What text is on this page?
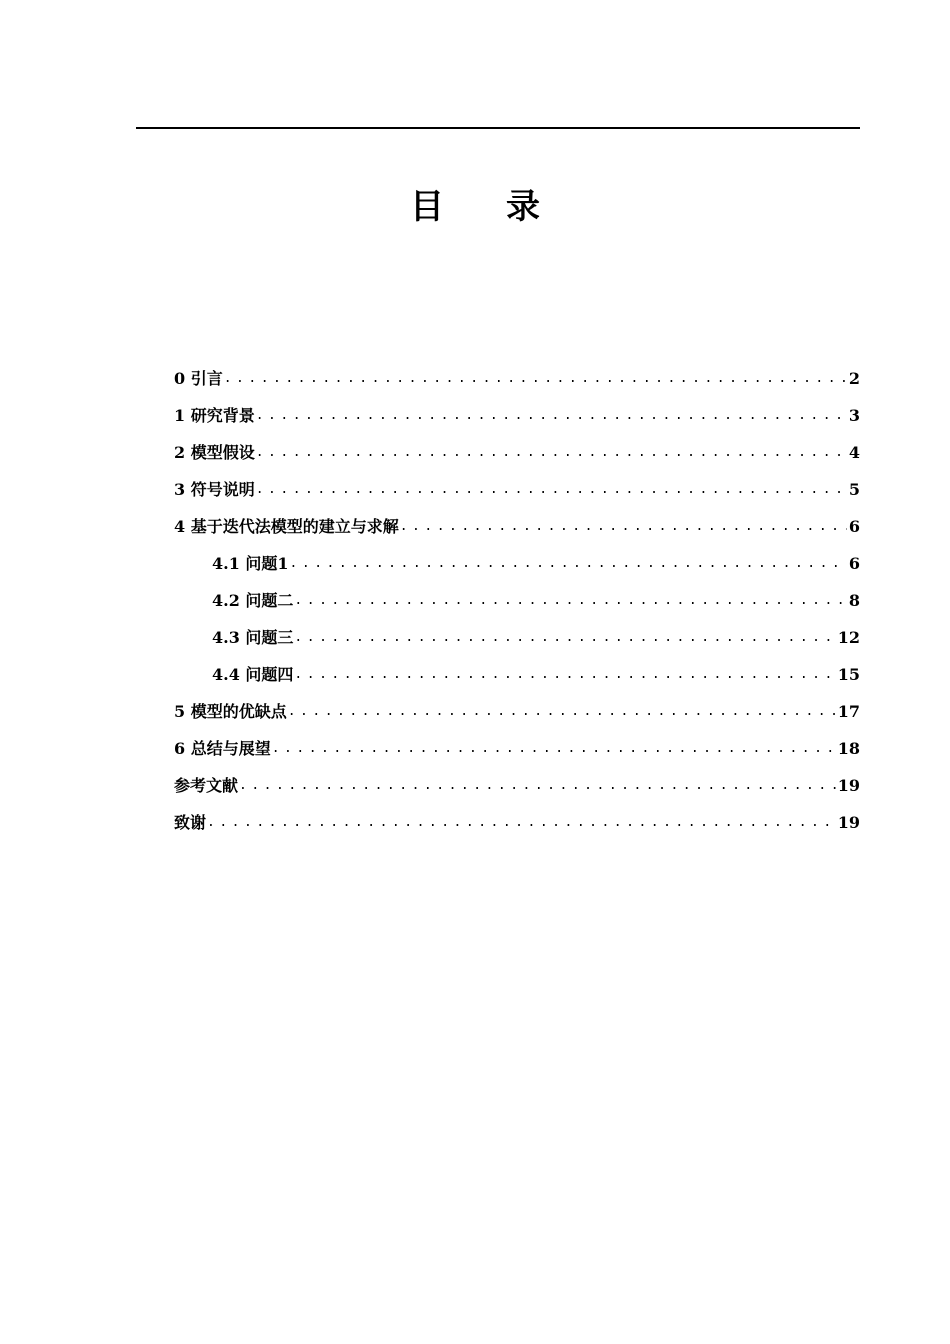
目 录
0 引言 .....	2
1 研究背景 .....	3
2 模型假设 .....	4
3 符号说明 .....	5
4 基于迭代法模型的建立与求解 .....	6
4.1 问题1 .....	6
4.2 问题二 .....	8
4.3 问题三 .....	12
4.4 问题四 .....	15
5 模型的优缺点 .....	17
6 总结与展望 .....	18
参考文献 .....	19
致谢 .....	19
